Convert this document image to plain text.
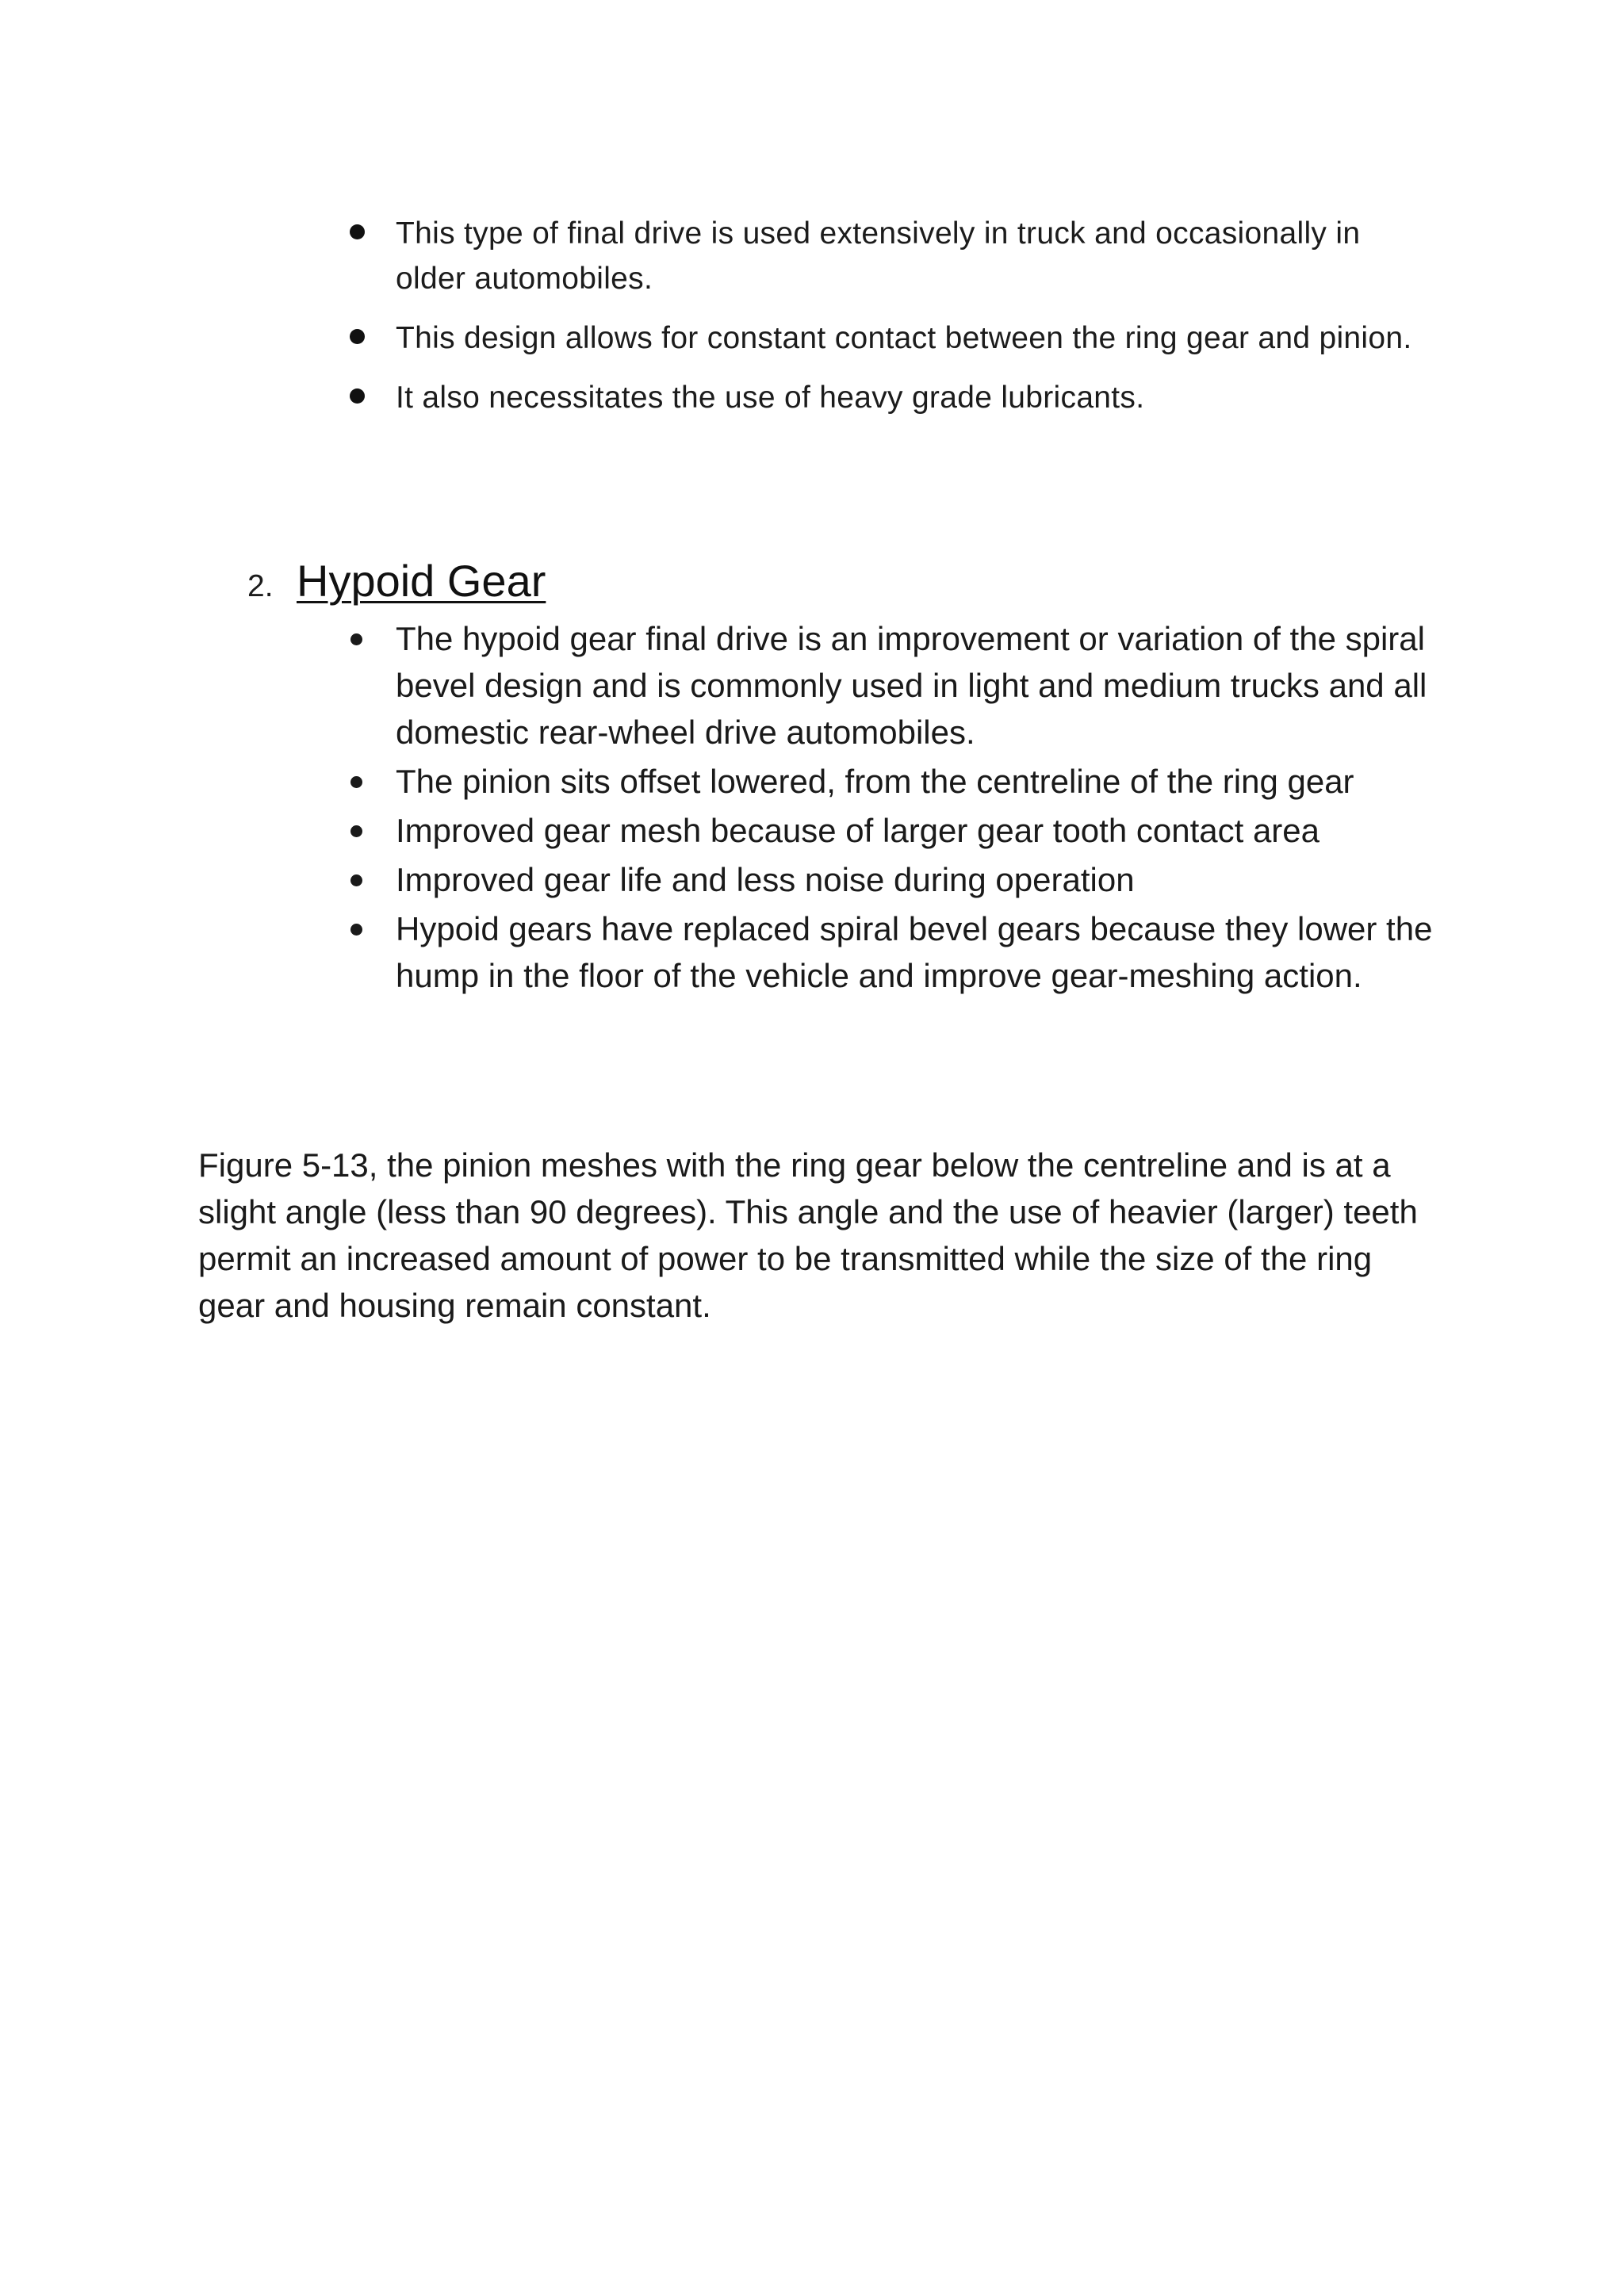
This type of final drive is used extensively in truck and occasionally in older automobiles.
This design allows for constant contact between the ring gear and pinion.
It also necessitates the use of heavy grade lubricants.
2. Hypoid Gear
The hypoid gear final drive is an improvement or variation of the spiral bevel design and is commonly used in light and medium trucks and all domestic rear-wheel drive automobiles.
The pinion sits offset lowered, from the centreline of the ring gear
Improved gear mesh because of larger gear tooth contact area
Improved gear life and less noise during operation
Hypoid gears have replaced spiral bevel gears because they lower the hump in the floor of the vehicle and improve gear-meshing action.

Figure 5-13, the pinion meshes with the ring gear below the centreline and is at a slight angle (less than 90 degrees). This angle and the use of heavier (larger) teeth permit an increased amount of power to be transmitted while the size of the ring gear and housing remain constant.
